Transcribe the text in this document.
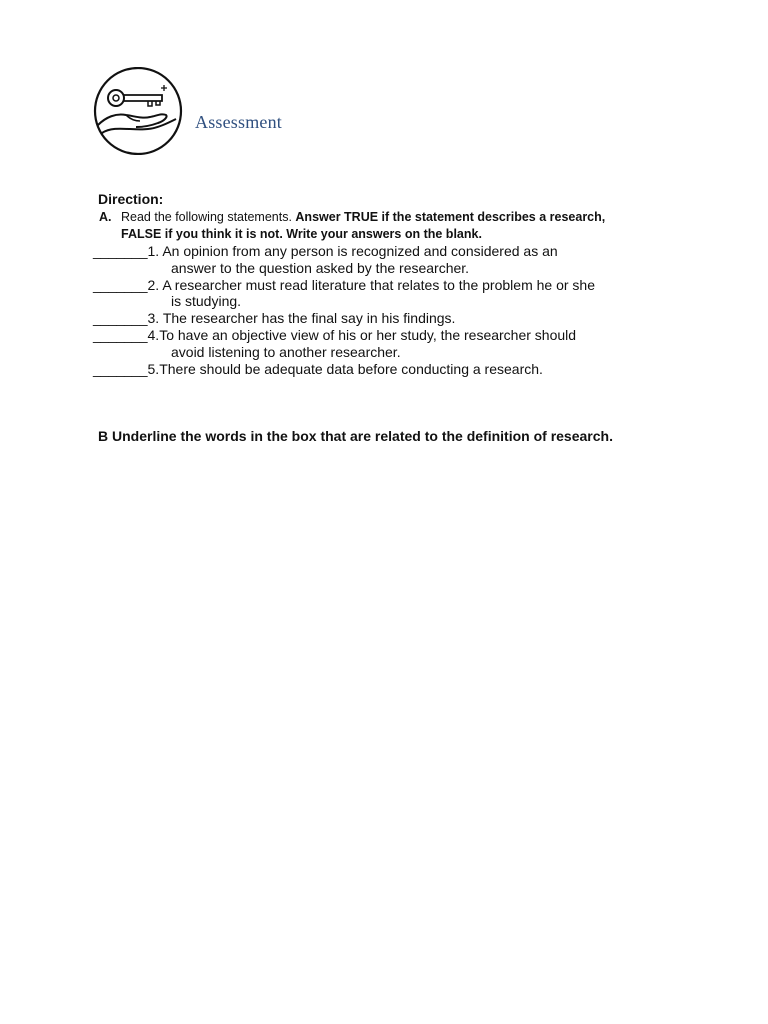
Assessment
Direction:
A. Read the following statements. Answer TRUE if the statement describes a research,
FALSE if you think it is not. Write your answers on the blank.
_______1. An opinion from any person is recognized and considered as an
answer to the question asked by the researcher.
_______2. A researcher must read literature that relates to the problem he or she
is studying.
_______3. The researcher has the final say in his findings.
_______4.To have an objective view of his or her study, the researcher should
avoid listening to another researcher.
_______5.There should be adequate data before conducting a research.
B Underline the words in the box that are related to the definition of research.
